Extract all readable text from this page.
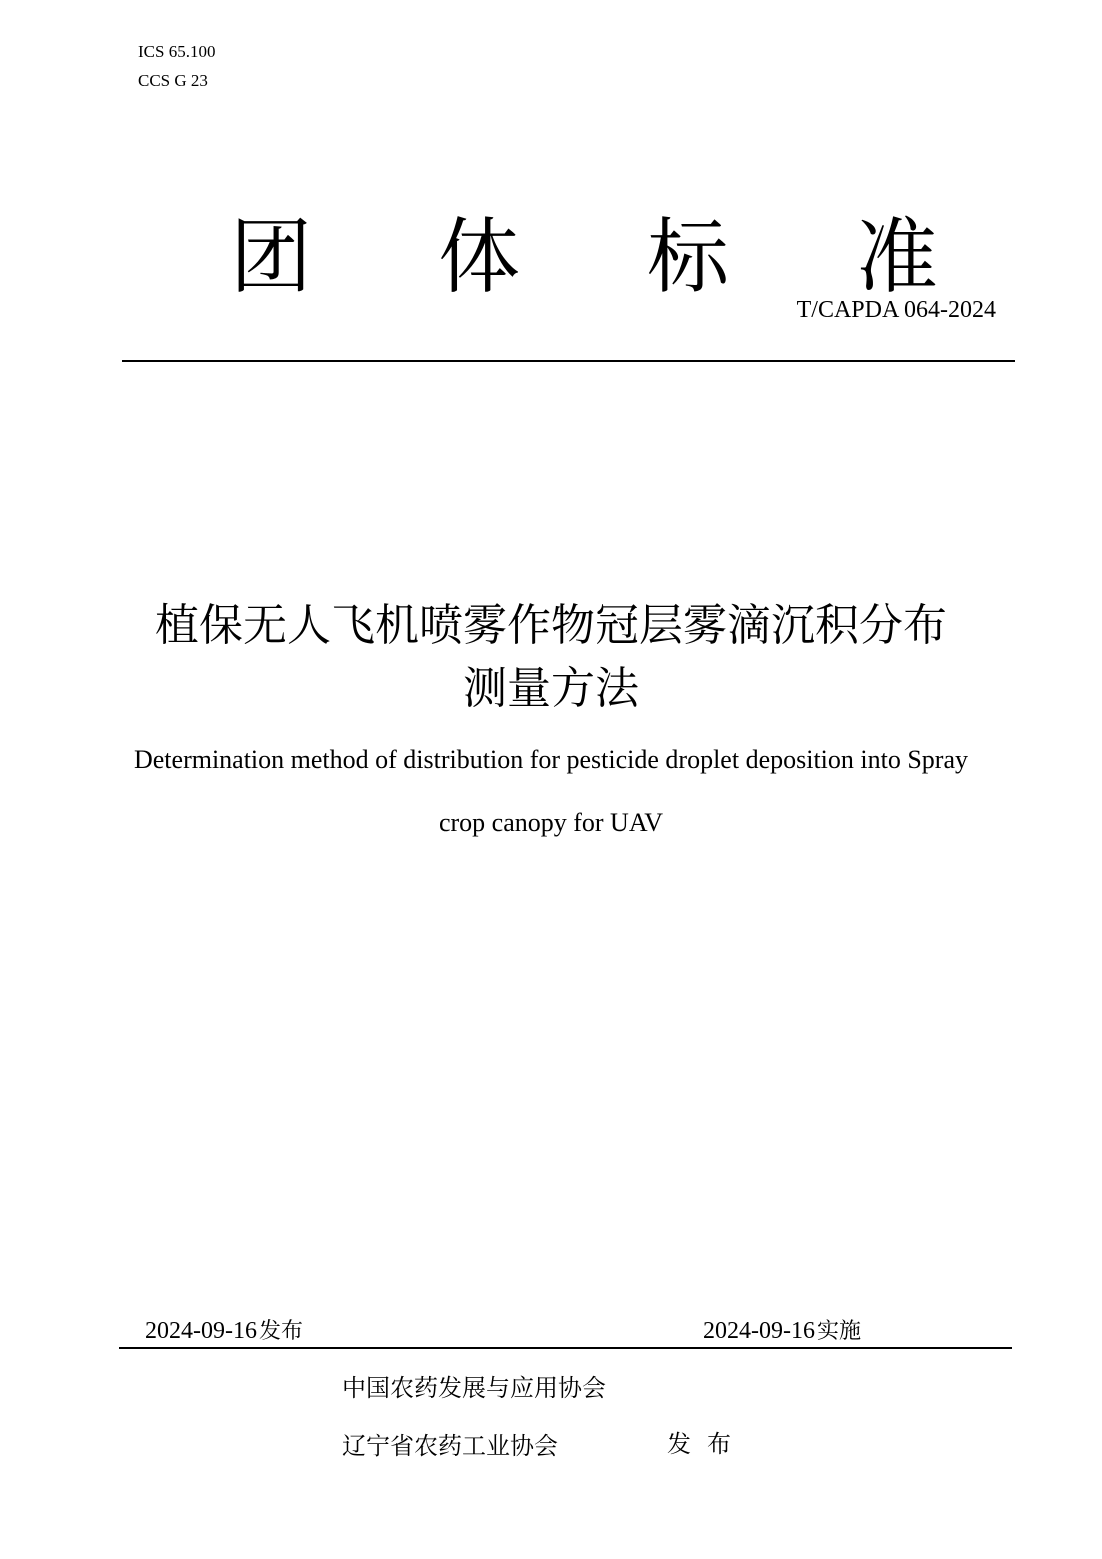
ICS 65.100
CCS G 23
团 体 标 准
T/CAPDA 064-2024
植保无人飞机喷雾作物冠层雾滴沉积分布
测量方法
Determination method of distribution for pesticide droplet deposition into Spray
crop canopy for UAV
2024-09-16发布	2024-09-16实施
中国农药发展与应用协会
辽宁省农药工业协会	发布
